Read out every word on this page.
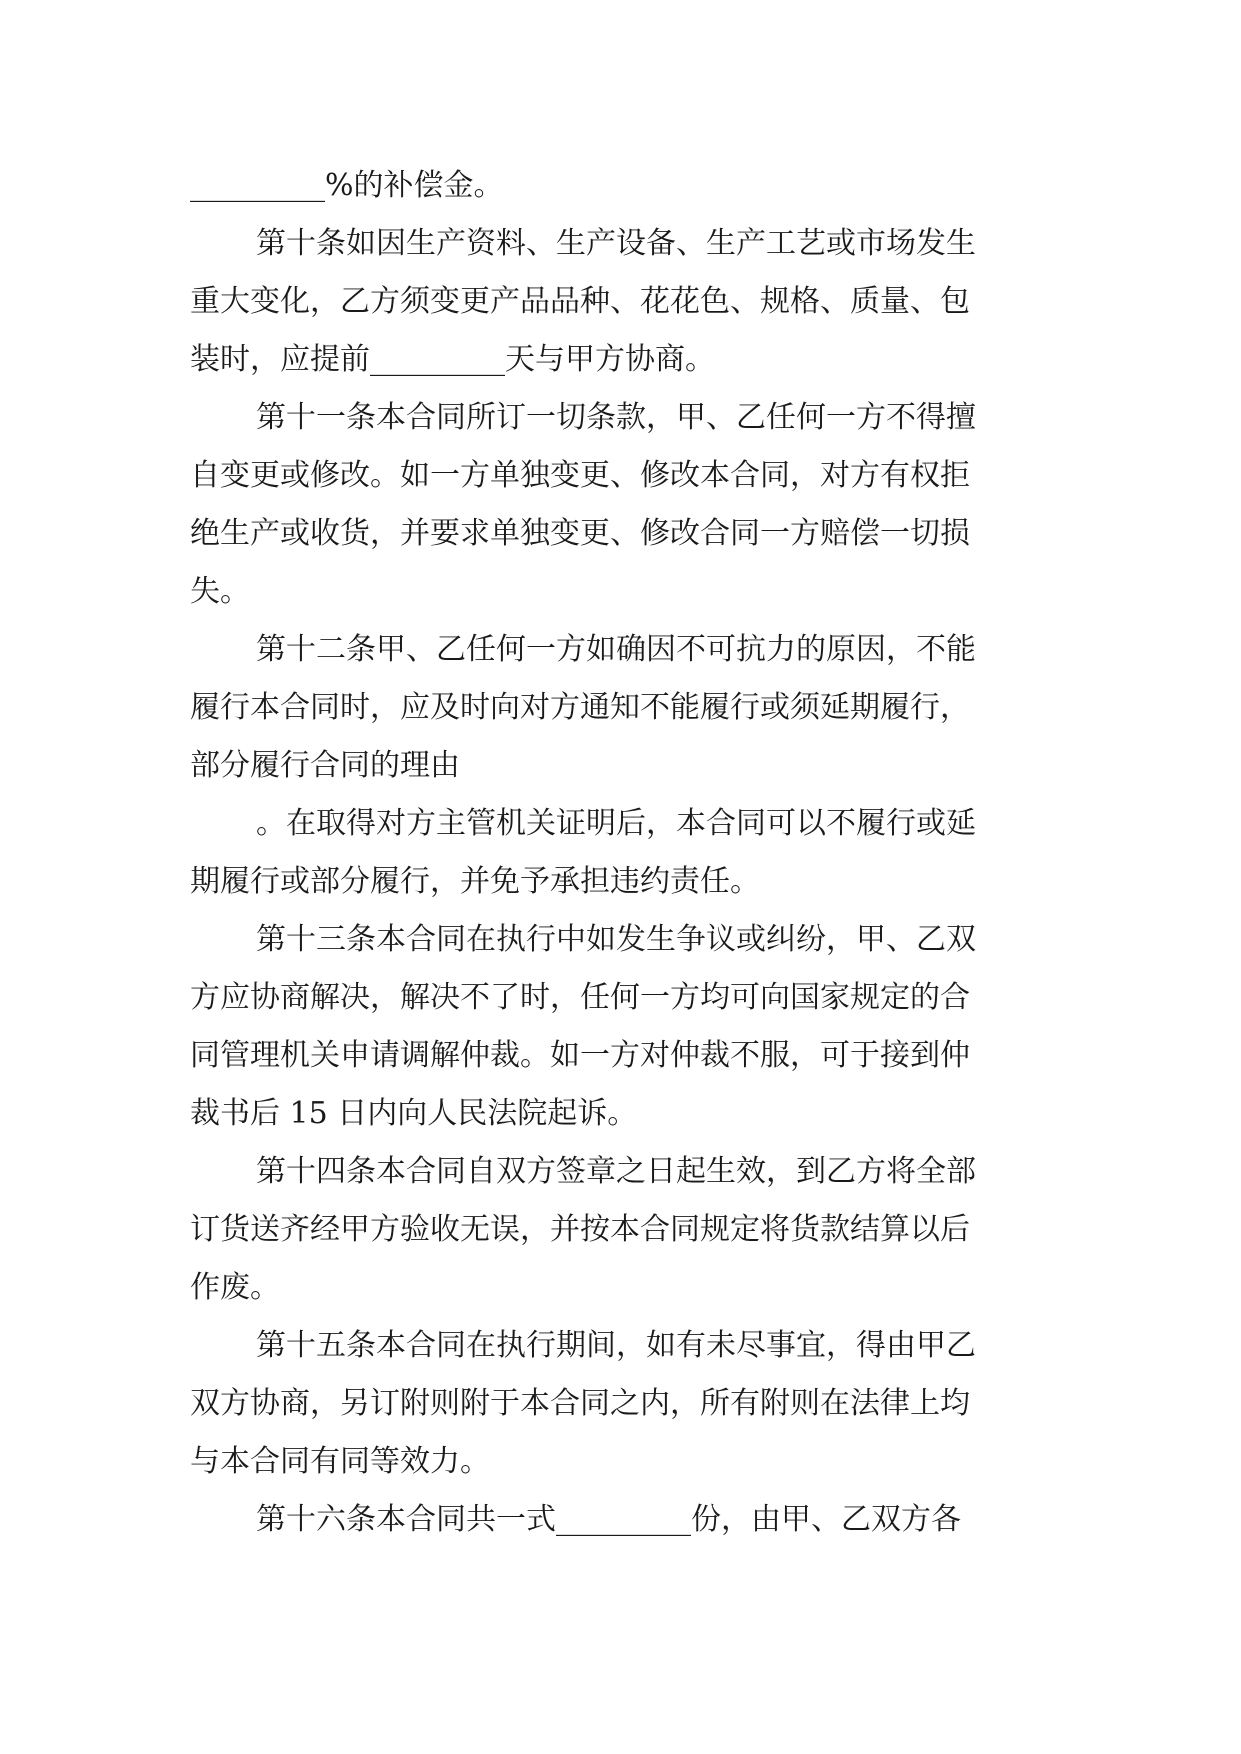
_________%的补偿金。
第十条如因生产资料、生产设备、生产工艺或市场发生
重大变化，乙方须变更产品品种、花花色、规格、质量、包
装时，应提前_________天与甲方协商。
第十一条本合同所订一切条款，甲、乙任何一方不得擅
自变更或修改。如一方单独变更、修改本合同，对方有权拒
绝生产或收货，并要求单独变更、修改合同一方赔偿一切损
失。
第十二条甲、乙任何一方如确因不可抗力的原因，不能
履行本合同时，应及时向对方通知不能履行或须延期履行，
部分履行合同的理由
。在取得对方主管机关证明后，本合同可以不履行或延
期履行或部分履行，并免予承担违约责任。
第十三条本合同在执行中如发生争议或纠纷，甲、乙双
方应协商解决，解决不了时，任何一方均可向国家规定的合
同管理机关申请调解仲裁。如一方对仲裁不服，可于接到仲
裁书后 15 日内向人民法院起诉。
第十四条本合同自双方签章之日起生效，到乙方将全部
订货送齐经甲方验收无误，并按本合同规定将货款结算以后
作废。
第十五条本合同在执行期间，如有未尽事宜，得由甲乙
双方协商，另订附则附于本合同之内，所有附则在法律上均
与本合同有同等效力。
第十六条本合同共一式_________份，由甲、乙双方各
